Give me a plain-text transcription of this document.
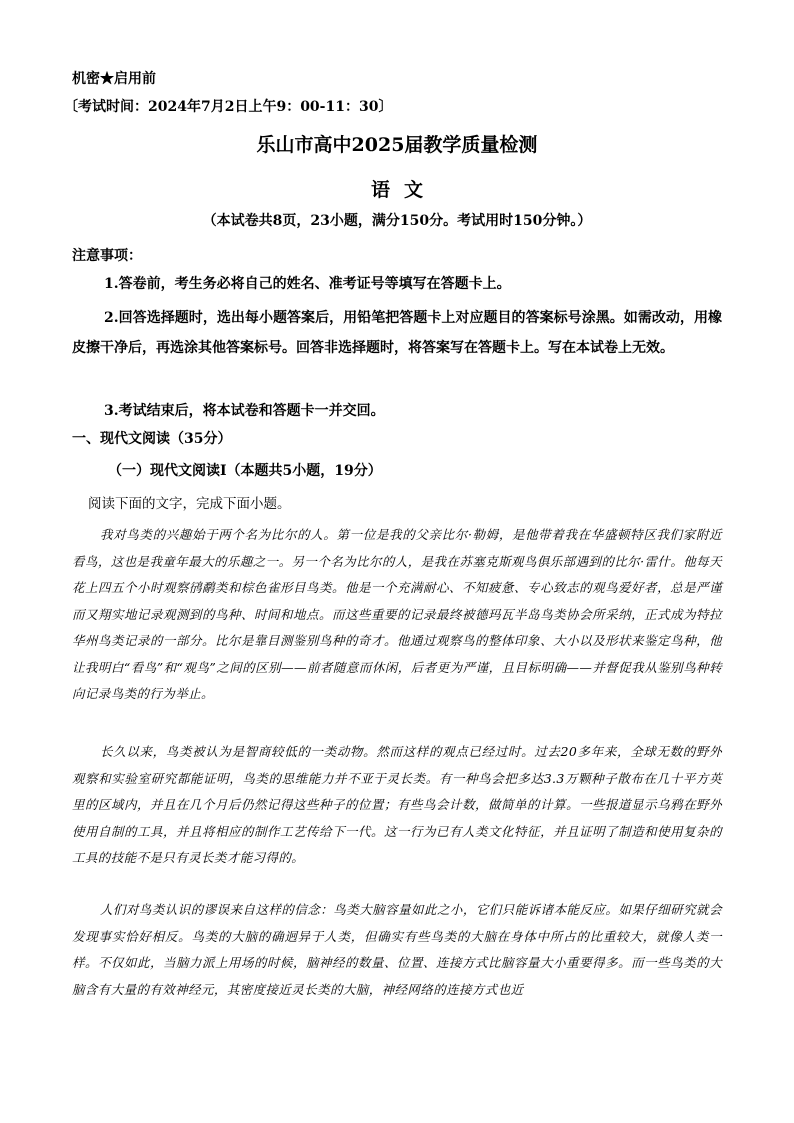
机密★启用前
〔考试时间：2024年7月2日上午9：00-11：30〕
乐山市高中2025届教学质量检测
语文
（本试卷共8页，23小题，满分150分。考试用时150分钟。）
注意事项：
1.答卷前，考生务必将自己的姓名、准考证号等填写在答题卡上。
2.回答选择题时，选出每小题答案后，用铅笔把答题卡上对应题目的答案标号涂黑。如需改动，用橡皮擦干净后，再选涂其他答案标号。回答非选择题时，将答案写在答题卡上。写在本试卷上无效。
3.考试结束后，将本试卷和答题卡一并交回。
一、现代文阅读（35分）
（一）现代文阅读Ⅰ（本题共5小题，19分）
阅读下面的文字，完成下面小题。
我对鸟类的兴趣始于两个名为比尔的人。第一位是我的父亲比尔·勒姆，是他带着我在华盛顿特区我们家附近看鸟，这也是我童年最大的乐趣之一。另一个名为比尔的人，是我在苏塞克斯观鸟俱乐部遇到的比尔·雷什。他每天花上四五个小时观察鸻鹬类和棕色雀形目鸟类。他是一个充满耐心、不知疲惫、专心致志的观鸟爱好者，总是严谨而又翔实地记录观测到的鸟种、时间和地点。而这些重要的记录最终被德玛瓦半岛鸟类协会所采纳，正式成为特拉华州鸟类记录的一部分。比尔是靠目测鉴别鸟种的奇才。他通过观察鸟的整体印象、大小以及形状来鉴定鸟种，他让我明白“看鸟”和“观鸟”之间的区别——前者随意而休闲，后者更为严谨，且目标明确——并督促我从鉴别鸟种转向记录鸟类的行为举止。
长久以来，鸟类被认为是智商较低的一类动物。然而这样的观点已经过时。过去20多年来，全球无数的野外观察和实验室研究都能证明，鸟类的思维能力并不亚于灵长类。有一种鸟会把多达3.3万颗种子散布在几十平方英里的区域内，并且在几个月后仍然记得这些种子的位置；有些鸟会计数，做简单的计算。一些报道显示乌鸦在野外使用自制的工具，并且将相应的制作工艺传给下一代。这一行为已有人类文化特征，并且证明了制造和使用复杂的工具的技能不是只有灵长类才能习得的。
人们对鸟类认识的谬误来自这样的信念：鸟类大脑容量如此之小，它们只能诉诸本能反应。如果仔细研究就会发现事实恰好相反。鸟类的大脑的确迥异于人类，但确实有些鸟类的大脑在身体中所占的比重较大，就像人类一样。不仅如此，当脑力派上用场的时候，脑神经的数量、位置、连接方式比脑容量大小重要得多。而一些鸟类的大脑含有大量的有效神经元，其密度接近灵长类的大脑，神经网络的连接方式也近
